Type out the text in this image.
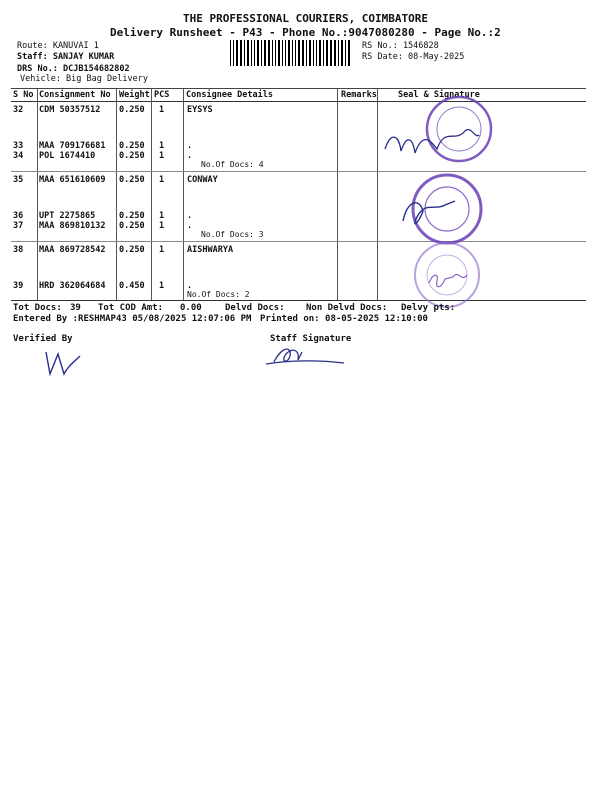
THE PROFESSIONAL COURIERS, COIMBATORE
Delivery Runsheet - P43 - Phone No.:9047080280 - Page No.:2
Route: KANUVAI 1
Staff: SANJAY KUMAR
DRS No.: DCJB154682802
Vehicle: Big Bag Delivery
RS No.: 1546828
RS Date: 08-May-2025
S No Consignment No Weight PCS Consignee Details	Remarks Seal & Signature
32 CDM 50357512 0.250 1	EYSYS
33 MAA 709176681 0.250 1	.
34 POL 1674410	0.250 1	.
No.Of Docs: 4
35 MAA 651610609 0.250 1	CONWAY
36 UPT 2275865	0.250 1	.
37 MAA 869810132 0.250 1	.
No.Of Docs: 3
38 MAA 869728542 0.250 1	AISHWARYA
39 HRD 362064684 0.450 1	.
No.Of Docs: 2
Tot Docs: 39 Tot COD Amt: 0.00	Delvd Docs: Non Delvd Docs: Delvy pts:
Entered By :RESHMAP43 05/08/2025 12:07:06 PM Printed on: 08-05-2025 12:10:00
Verified By	Staff Signature
